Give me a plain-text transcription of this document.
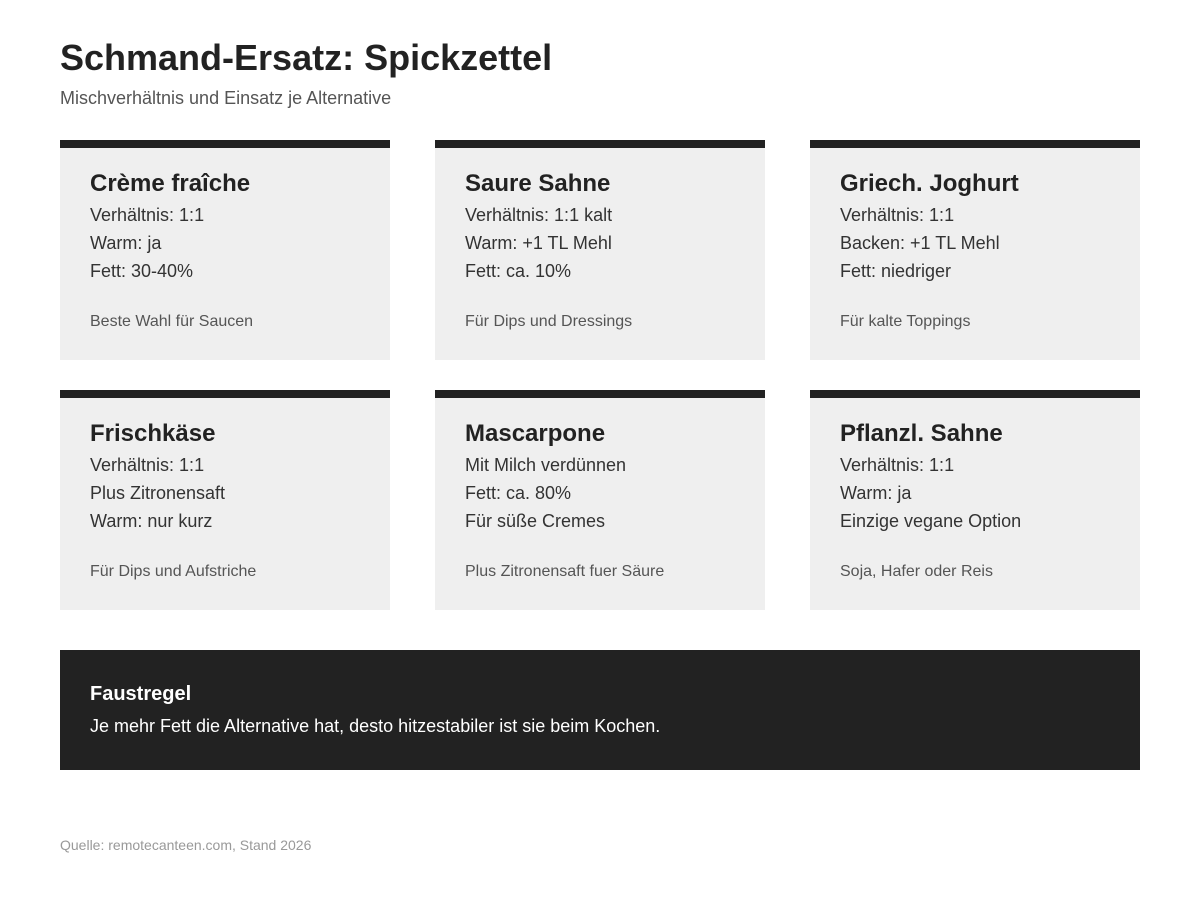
Schmand-Ersatz: Spickzettel

Mischverhältnis und Einsatz je Alternative

Crème fraîche
Verhältnis: 1:1
Warm: ja
Fett: 30-40%
Beste Wahl für Saucen
Saure Sahne
Verhältnis: 1:1 kalt
Warm: +1 TL Mehl
Fett: ca. 10%
Für Dips und Dressings
Griech. Joghurt
Verhältnis: 1:1
Backen: +1 TL Mehl
Fett: niedriger
Für kalte Toppings
Frischkäse
Verhältnis: 1:1
Plus Zitronensaft
Warm: nur kurz
Für Dips und Aufstriche
Mascarpone
Mit Milch verdünnen
Fett: ca. 80%
Für süße Cremes
Plus Zitronensaft fuer Säure
Pflanzl. Sahne
Verhältnis: 1:1
Warm: ja
Einzige vegane Option
Soja, Hafer oder Reis
Faustregel

Je mehr Fett die Alternative hat, desto hitzestabiler ist sie beim Kochen.

Quelle: remotecanteen.com, Stand 2026
